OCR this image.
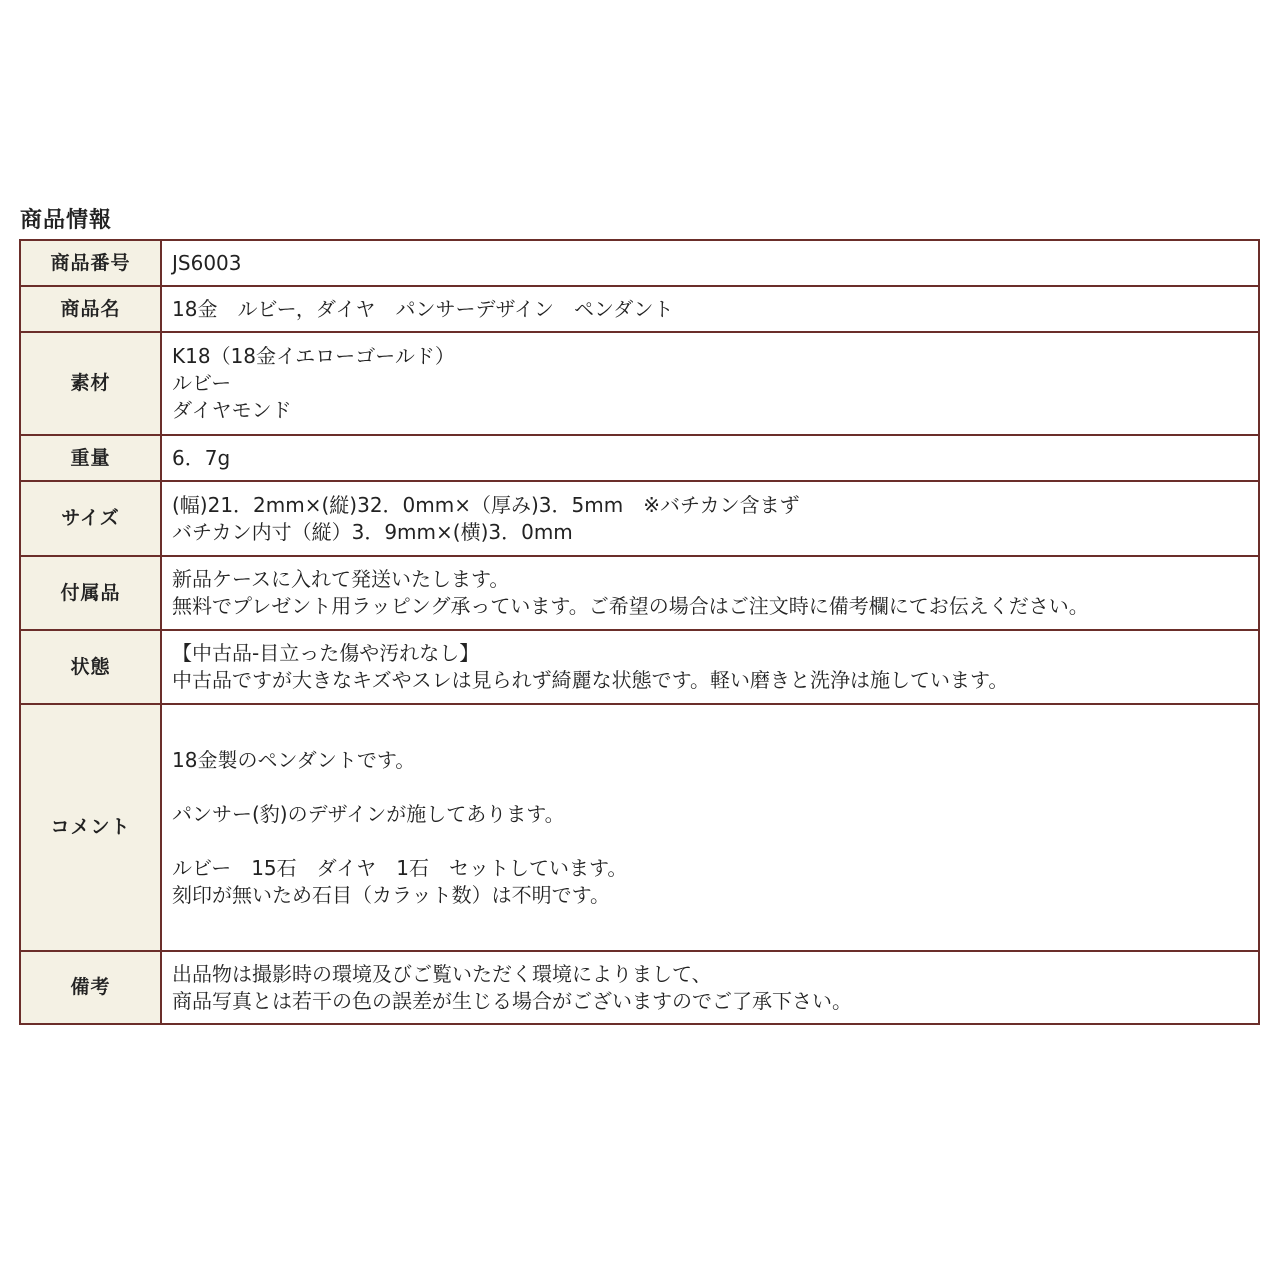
商品情報
商品番号	JS6003

商品名	18金　ルビー，ダイヤ　パンサーデザイン　ペンダント

素材	K18（18金イエローゴールド）
ルビー
ダイヤモンド

重量	6．7g

サイズ	(幅)21．2mm×(縦)32．0mm×（厚み)3．5mm　※バチカン含まず
バチカン内寸（縦）3．9mm×(横)3．0mm

付属品	新品ケースに入れて発送いたします。
無料でプレゼント用ラッピング承っています。ご希望の場合はご注文時に備考欄にてお伝えください。

状態	【中古品-目立った傷や汚れなし】
中古品ですが大きなキズやスレは見られず綺麗な状態です。軽い磨きと洗浄は施しています。

コメント	18金製のペンダントです。
パンサー(豹)のデザインが施してあります。
ルビー　15石　ダイヤ　1石　セットしています。
刻印が無いため石目（カラット数）は不明です。

備考	出品物は撮影時の環境及びご覧いただく環境によりまして、
商品写真とは若干の色の誤差が生じる場合がございますのでご了承下さい。
